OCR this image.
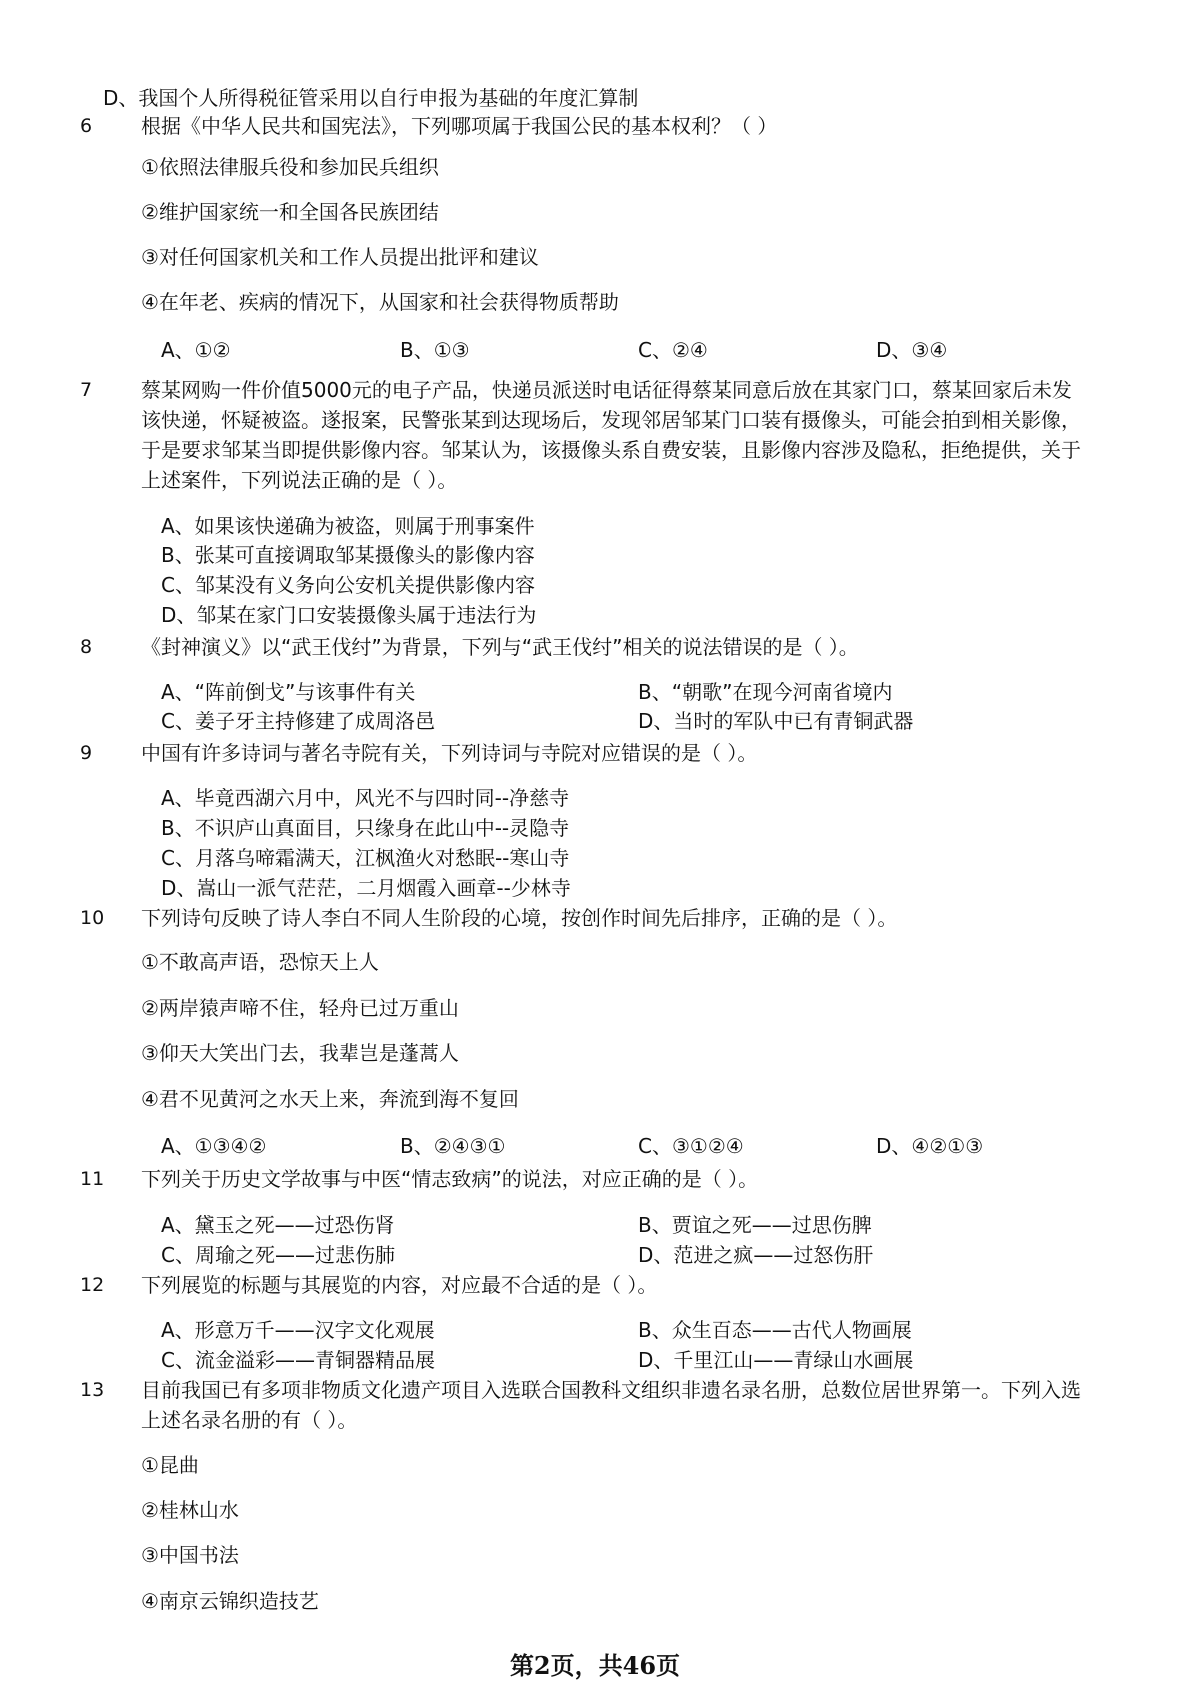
D、我国个人所得税征管采用以自行申报为基础的年度汇算制
6 根据《中华人民共和国宪法》，下列哪项属于我国公民的基本权利？（ ）
①依照法律服兵役和参加民兵组织
②维护国家统一和全国各民族团结
③对任何国家机关和工作人员提出批评和建议
④在年老、疾病的情况下，从国家和社会获得物质帮助
A、①②	B、①③	C、②④	D、③④
7 蔡某网购一件价值5000元的电子产品，快递员派送时电话征得蔡某同意后放在其家门口，蔡某回家后未发该快递，怀疑被盗。遂报案，民警张某到达现场后，发现邻居邹某门口装有摄像头，可能会拍到相关影像，于是要求邹某当即提供影像内容。邹某认为，该摄像头系自费安装，且影像内容涉及隐私，拒绝提供，关于上述案件，下列说法正确的是（ ）。
A、如果该快递确为被盗，则属于刑事案件
B、张某可直接调取邹某摄像头的影像内容
C、邹某没有义务向公安机关提供影像内容
D、邹某在家门口安装摄像头属于违法行为
8 《封神演义》以“武王伐纣”为背景，下列与“武王伐纣”相关的说法错误的是（ ）。
A、“阵前倒戈”与该事件有关	B、“朝歌”在现今河南省境内
C、姜子牙主持修建了成周洛邑	D、当时的军队中已有青铜武器
9 中国有许多诗词与著名寺院有关，下列诗词与寺院对应错误的是（ ）。
A、毕竟西湖六月中，风光不与四时同--净慈寺
B、不识庐山真面目，只缘身在此山中--灵隐寺
C、月落乌啼霜满天，江枫渔火对愁眠--寒山寺
D、嵩山一派气茫茫，二月烟霞入画章--少林寺
10 下列诗句反映了诗人李白不同人生阶段的心境，按创作时间先后排序，正确的是（ ）。
①不敢高声语，恐惊天上人
②两岸猿声啼不住，轻舟已过万重山
③仰天大笑出门去，我辈岂是蓬蒿人
④君不见黄河之水天上来，奔流到海不复回
A、①③④②	B、②④③①	C、③①②④	D、④②①③
11 下列关于历史文学故事与中医“情志致病”的说法，对应正确的是（ ）。
A、黛玉之死——过恐伤肾	B、贾谊之死——过思伤脾
C、周瑜之死——过悲伤肺	D、范进之疯——过怒伤肝
12 下列展览的标题与其展览的内容，对应最不合适的是（ ）。
A、形意万千——汉字文化观展	B、众生百态——古代人物画展
C、流金溢彩——青铜器精品展	D、千里江山——青绿山水画展
13 目前我国已有多项非物质文化遗产项目入选联合国教科文组织非遗名录名册，总数位居世界第一。下列入选上述名录名册的有（ ）。
①昆曲
②桂林山水
③中国书法
④南京云锦织造技艺
第2页，共46页
